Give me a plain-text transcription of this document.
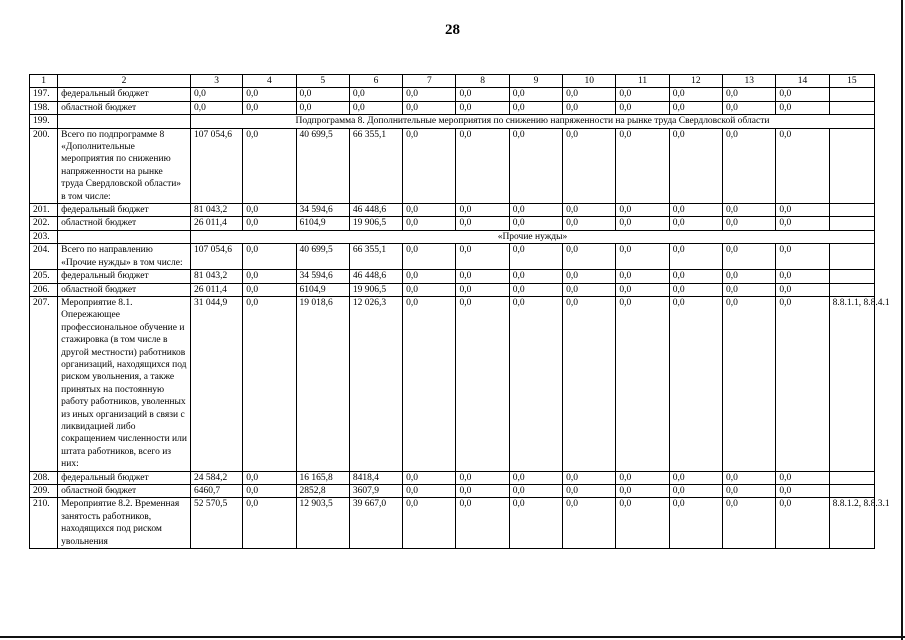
28
1	2	3	4	5	6	7	8	9	10	11	12	13	14	15
197.	федеральный бюджет	0,0	0,0	0,0	0,0	0,0	0,0	0,0	0,0	0,0	0,0	0,0	0,0	
198.	областной бюджет	0,0	0,0	0,0	0,0	0,0	0,0	0,0	0,0	0,0	0,0	0,0	0,0	
199.		Подпрограмма 8. Дополнительные мероприятия по снижению напряженности на рынке труда Свердловской области												
200.	Всего по подпрограмме 8 «Дополнительные мероприятия по снижению напряженности на рынке труда Свердловской области» в том числе:	107 054,6	0,0	40 699,5	66 355,1	0,0	0,0	0,0	0,0	0,0	0,0	0,0	0,0	
201.	федеральный бюджет	81 043,2	0,0	34 594,6	46 448,6	0,0	0,0	0,0	0,0	0,0	0,0	0,0	0,0	
202.	областной бюджет	26 011,4	0,0	6104,9	19 906,5	0,0	0,0	0,0	0,0	0,0	0,0	0,0	0,0	
203.		«Прочие нужды»												
204.	Всего по направлению «Прочие нужды» в том числе:	107 054,6	0,0	40 699,5	66 355,1	0,0	0,0	0,0	0,0	0,0	0,0	0,0	0,0	
205.	федеральный бюджет	81 043,2	0,0	34 594,6	46 448,6	0,0	0,0	0,0	0,0	0,0	0,0	0,0	0,0	
206.	областной бюджет	26 011,4	0,0	6104,9	19 906,5	0,0	0,0	0,0	0,0	0,0	0,0	0,0	0,0	
207.	Мероприятие 8.1. Опережающее профессиональное обучение и стажировка (в том числе в другой местности) работников организаций, находящихся под риском увольнения, а также принятых на постоянную работу работников, уволенных из иных организаций в связи с ликвидацией либо сокращением численности или штата работников, всего из них:	31 044,9	0,0	19 018,6	12 026,3	0,0	0,0	0,0	0,0	0,0	0,0	0,0	0,0	8.8.1.1, 8.8.4.1
208.	федеральный бюджет	24 584,2	0,0	16 165,8	8418,4	0,0	0,0	0,0	0,0	0,0	0,0	0,0	0,0	
209.	областной бюджет	6460,7	0,0	2852,8	3607,9	0,0	0,0	0,0	0,0	0,0	0,0	0,0	0,0	
210.	Мероприятие 8.2. Временная занятость работников, находящихся под риском увольнения	52 570,5	0,0	12 903,5	39 667,0	0,0	0,0	0,0	0,0	0,0	0,0	0,0	0,0	8.8.1.2, 8.8.3.1
